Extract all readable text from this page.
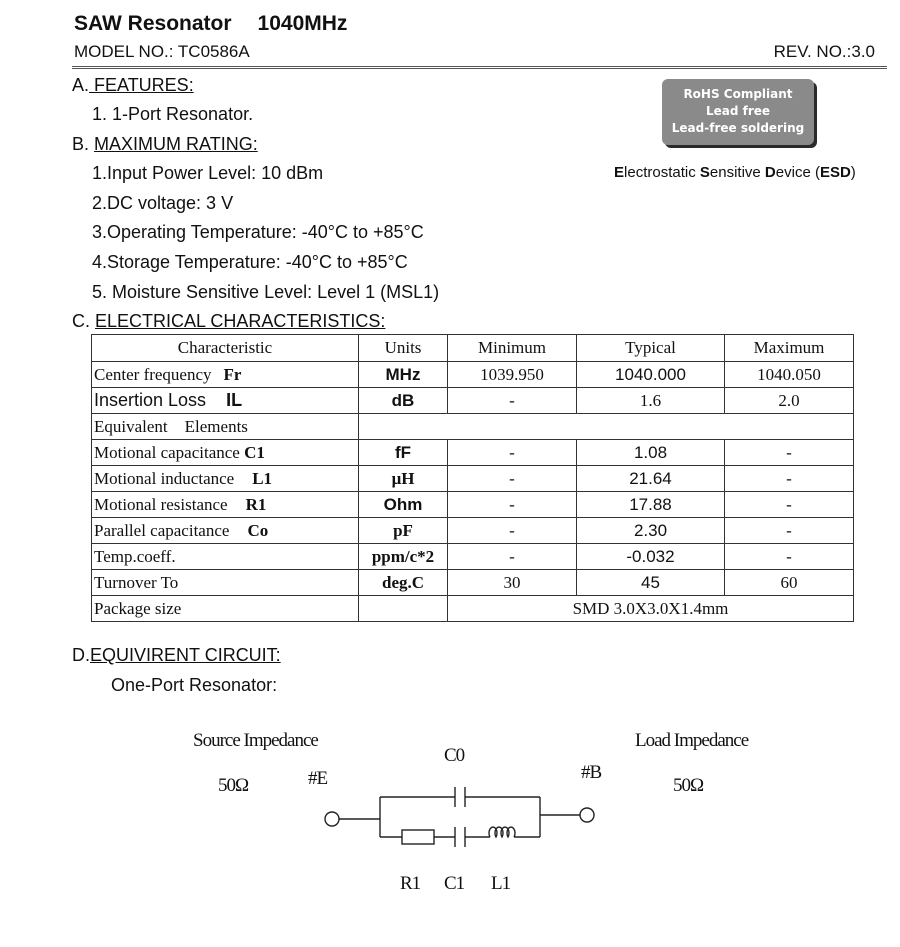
SAW Resonator 1040MHz
MODEL NO.: TC0586A	REV. NO.:3.0
A. FEATURES:
1. 1-Port Resonator.
RoHS Compliant
Lead free
Lead-free soldering
Electrostatic Sensitive Device (ESD)
B. MAXIMUM RATING:
1.Input Power Level: 10 dBm
2.DC voltage: 3 V
3.Operating Temperature: -40°C to +85°C
4.Storage Temperature: -40°C to +85°C
5. Moisture Sensitive Level: Level 1 (MSL1)
C. ELECTRICAL CHARACTERISTICS:
Characteristic	Units	Minimum	Typical	Maximum
Center frequency Fr	MHz	1039.950	1040.000	1040.050
Insertion Loss IL	dB	-	1.6	2.0
Equivalent    Elements				
Motional capacitance C1	fF	-	1.08	-
Motional inductance L1	μH	-	21.64	-
Motional resistance R1	Ohm	-	17.88	-
Parallel capacitance Co	pF	-	2.30	-
Temp.coeff.	ppm/c*2	-	-0.032	-
Turnover To	deg.C	30	45	60
Package size		SMD 3.0X3.0X1.4mm		
D.EQUIVIRENT CIRCUIT:
One-Port Resonator:
Source Impedance
50Ω	#E
C0
#B
Load Impedance
50Ω
R1 C1 L1
